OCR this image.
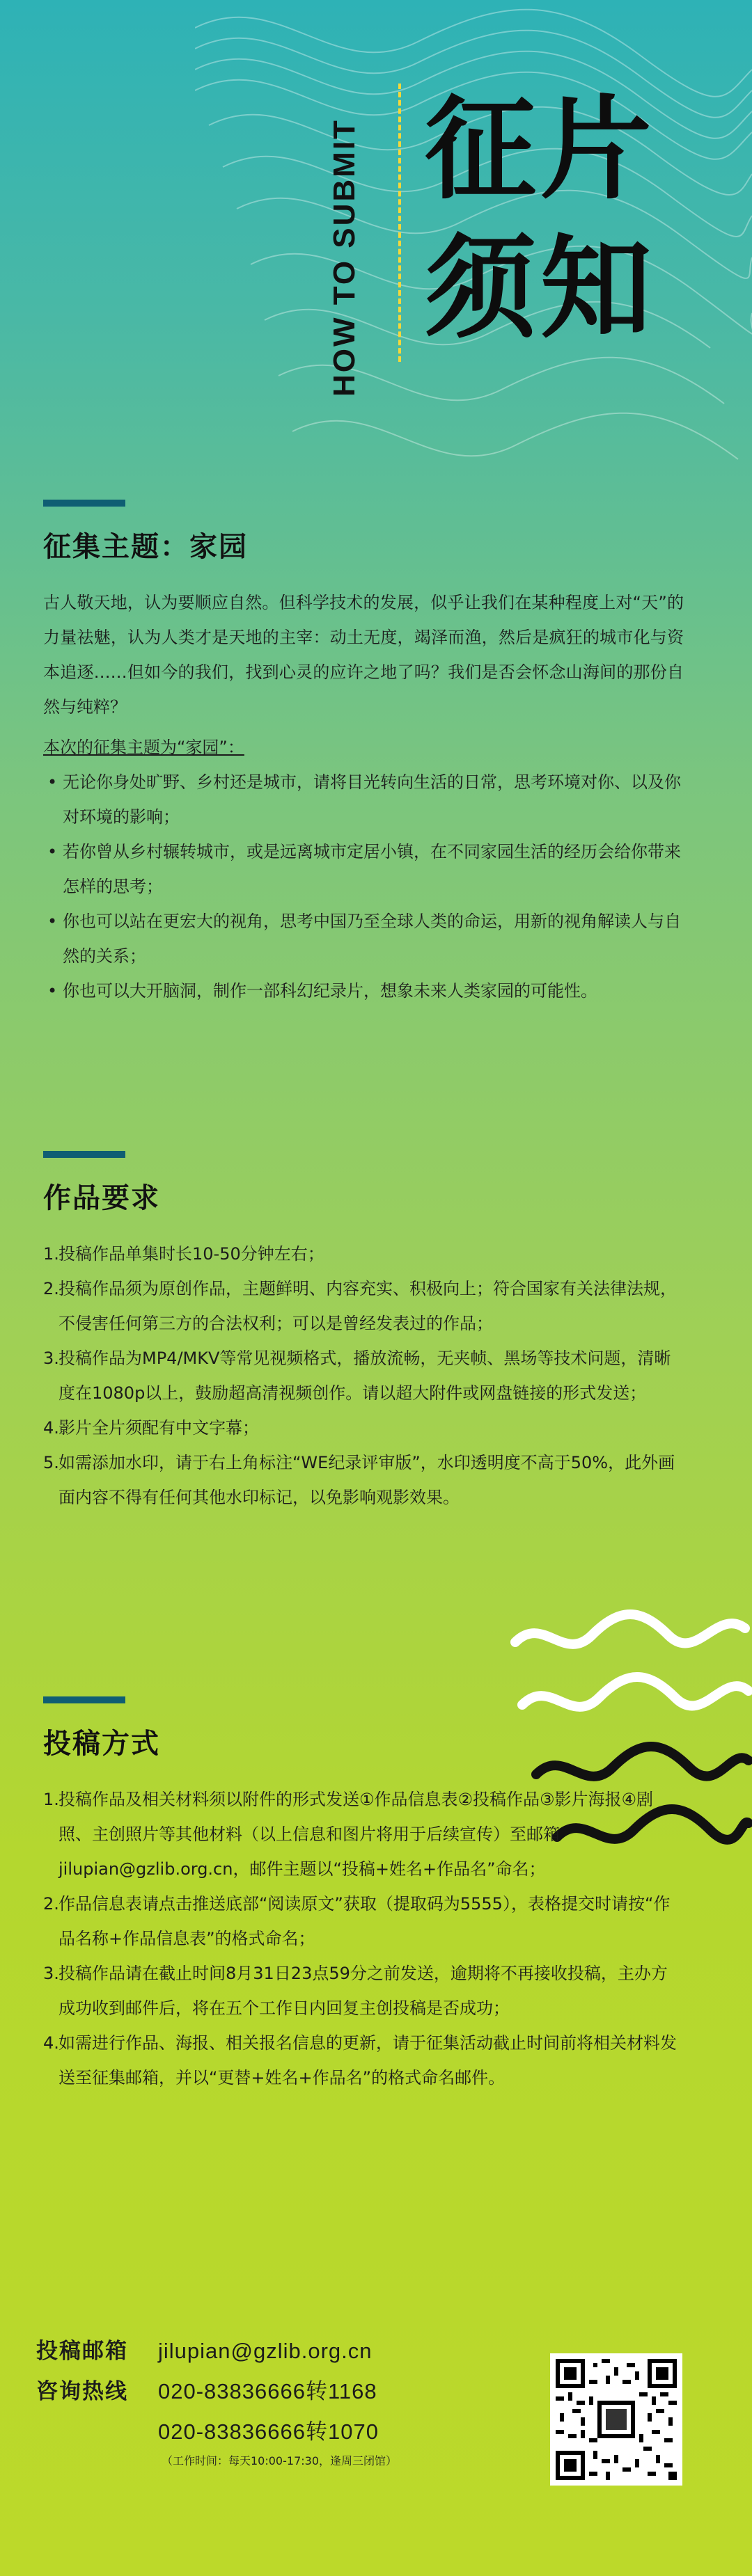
HOW TO SUBMIT 征片
须知
征集主题：家园

古人敬天地，认为要顺应自然。但科学技术的发展，似乎让我们在某种程度上对“天”的力量祛魅，认为人类才是天地的主宰：动土无度，竭泽而渔，然后是疯狂的城市化与资本追逐……但如今的我们，找到心灵的应许之地了吗？我们是否会怀念山海间的那份自然与纯粹？

本次的征集主题为“家园”：

• 无论你身处旷野、乡村还是城市，请将目光转向生活的日常，思考环境对你、以及你对环境的影响；
• 若你曾从乡村辗转城市，或是远离城市定居小镇，在不同家园生活的经历会给你带来怎样的思考；
• 你也可以站在更宏大的视角，思考中国乃至全球人类的命运，用新的视角解读人与自然的关系；
• 你也可以大开脑洞，制作一部科幻纪录片，想象未来人类家园的可能性。
作品要求
1. 投稿作品单集时长10-50分钟左右；
2. 投稿作品须为原创作品，主题鲜明、内容充实、积极向上；符合国家有关法律法规，不侵害任何第三方的合法权利；可以是曾经发表过的作品；
3. 投稿作品为MP4/MKV等常见视频格式，播放流畅，无夹帧、黑场等技术问题，清晰度在1080p以上，鼓励超高清视频创作。请以超大附件或网盘链接的形式发送；
4. 影片全片须配有中文字幕；
5. 如需添加水印，请于右上角标注“WE纪录评审版”，水印透明度不高于50%，此外画面内容不得有任何其他水印标记，以免影响观影效果。
投稿方式
1. 投稿作品及相关材料须以附件的形式发送①作品信息表②投稿作品③影片海报④剧照、主创照片等其他材料（以上信息和图片将用于后续宣传）至邮箱jilupian@gzlib.org.cn，邮件主题以“投稿+姓名+作品名”命名；
2. 作品信息表请点击推送底部“阅读原文”获取（提取码为5555），表格提交时请按“作品名称+作品信息表”的格式命名；
3. 投稿作品请在截止时间8月31日23点59分之前发送，逾期将不再接收投稿，主办方成功收到邮件后，将在五个工作日内回复主创投稿是否成功；
4. 如需进行作品、海报、相关报名信息的更新，请于征集活动截止时间前将相关材料发送至征集邮箱，并以“更替+姓名+作品名”的格式命名邮件。
投稿邮箱	jilupian@gzlib.org.cn
咨询热线	020-83836666转1168
020-83836666转1070
（工作时间：每天10:00-17:30，逢周三闭馆）
